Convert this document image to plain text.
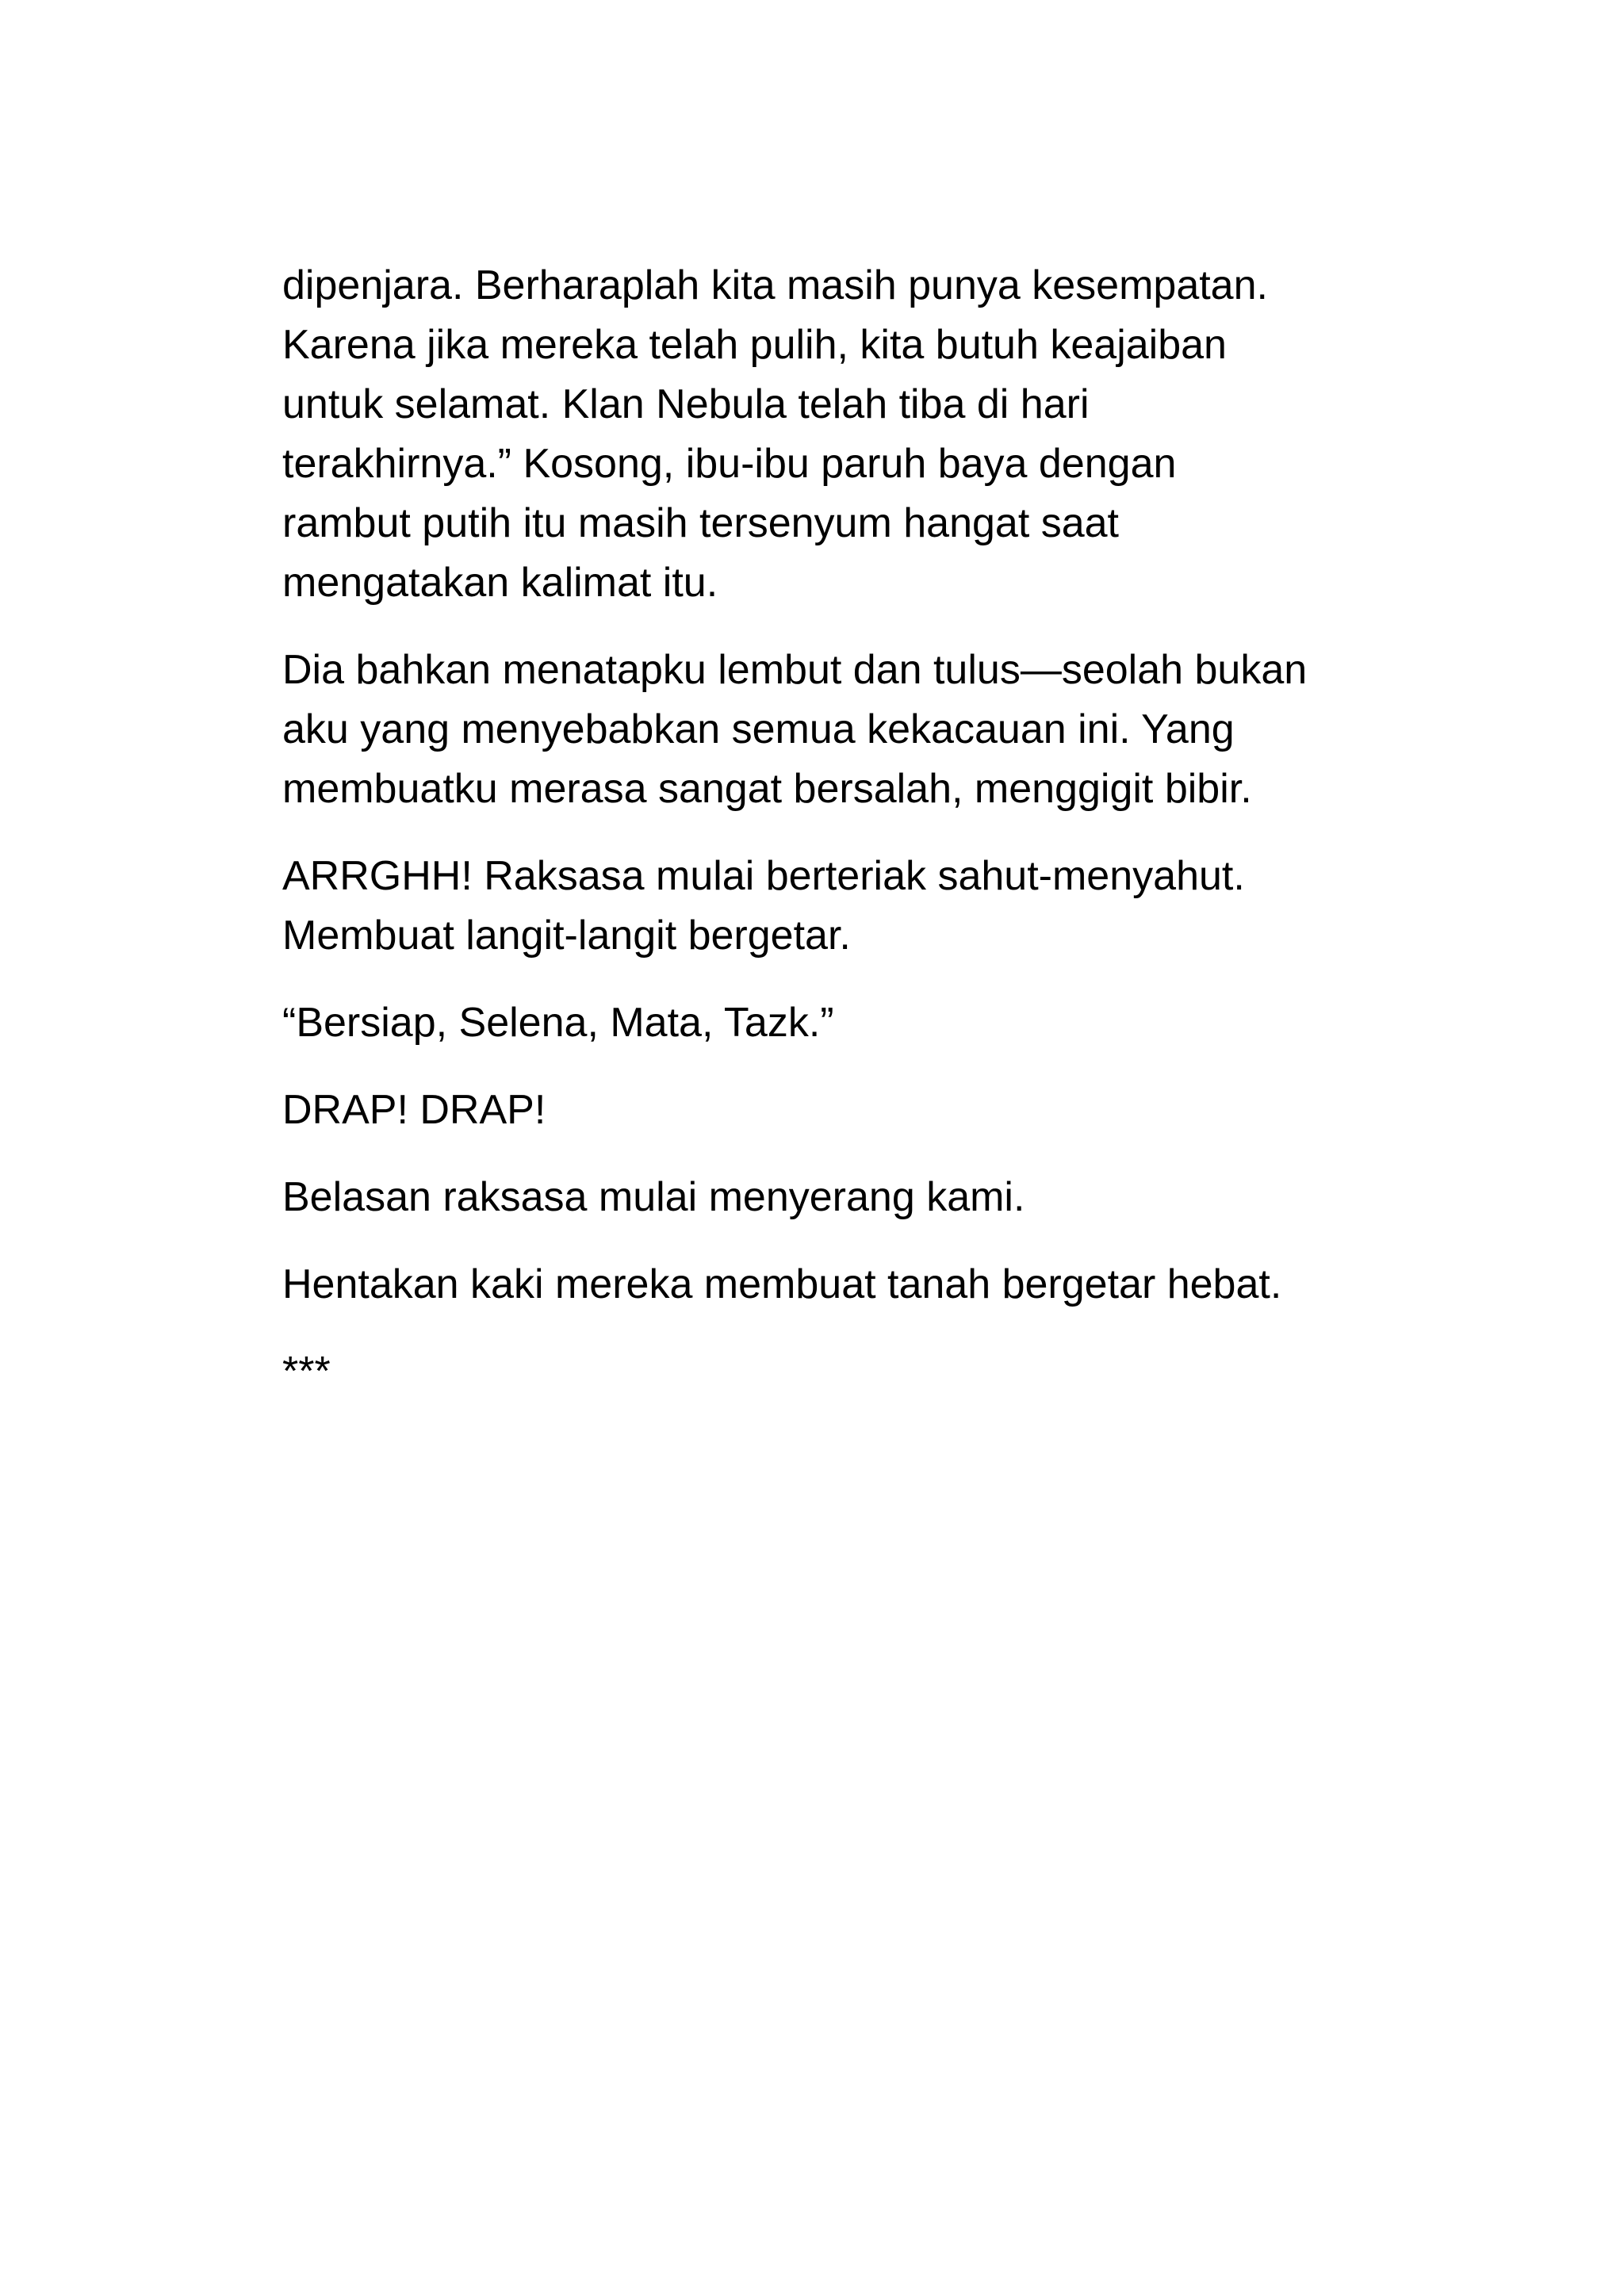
dipenjara. Berharaplah kita masih punya kesempatan.
Karena jika mereka telah pulih, kita butuh keajaiban
untuk selamat. Klan Nebula telah tiba di hari
terakhirnya.” Kosong, ibu-ibu paruh baya dengan
rambut putih itu masih tersenyum hangat saat
mengatakan kalimat itu.
Dia bahkan menatapku lembut dan tulus—seolah bukan
aku yang menyebabkan semua kekacauan ini. Yang
membuatku merasa sangat bersalah, menggigit bibir.
ARRGHH! Raksasa mulai berteriak sahut-menyahut.
Membuat langit-langit bergetar.
“Bersiap, Selena, Mata, Tazk.”
DRAP! DRAP!
Belasan raksasa mulai menyerang kami.
Hentakan kaki mereka membuat tanah bergetar hebat.
***
